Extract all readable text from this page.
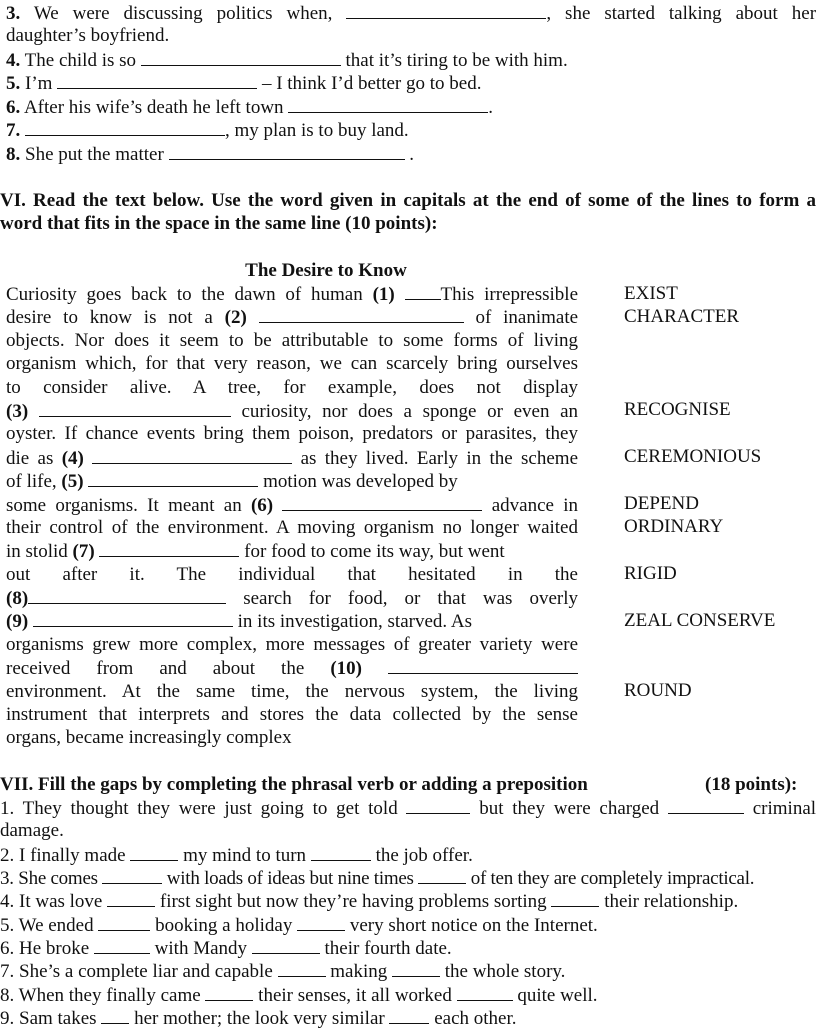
3. We were discussing politics when,	, she started talking about her
daughter’s boyfriend.
4. The child is so	that it’s tiring to be with him.
5. I’m	– I think I’d better go to bed.
6. After his wife’s death he left town	.
7.	, my plan is to buy land.
8. She put the matter	.
VI. Read the text below. Use the word given in capitals at the end of some of the lines to form a
word that fits in the space in the same line (10 points):
The Desire to Know
Curiosity goes back to the dawn of human (1) This irrepressible
desire to know is not a (2)	of inanimate
objects. Nor does it seem to be attributable to some forms of living
organism which, for that very reason, we can scarcely bring ourselves
to consider alive. A tree, for example, does not display
(3)	curiosity, nor does a sponge or even an
oyster. If chance events bring them poison, predators or parasites, they
die as (4)	as they lived. Early in the scheme
of life, (5)	motion was developed by
some organisms. It meant an (6)	advance in
their control of the environment. A moving organism no longer waited
in stolid (7)	for food to come its way, but went
out after it. The individual that hesitated in the
(8)	search for food, or that was overly
(9)	in its investigation, starved. As
organisms grew more complex, more messages of greater variety were
received from and about the (10)
environment. At the same time, the nervous system, the living
instrument that interprets and stores the data collected by the sense
organs, became increasingly complex
EXIST
CHARACTER
RECOGNISE
CEREMONIOUS
DEPEND
ORDINARY
RIGID
ZEAL CONSERVE
ROUND
VII. Fill the gaps by completing the phrasal verb or adding a preposition	(18 points):
1. They thought they were just going to get told	but they were charged	criminal
damage.
2. I finally made	my mind to turn	the job offer.
3. She comes	with loads of ideas but nine times	of ten they are completely impractical.
4. It was love	first sight but now they’re having problems sorting	their relationship.
5. We ended	booking a holiday	very short notice on the Internet.
6. He broke	with Mandy	their fourth date.
7. She’s a complete liar and capable	making	the whole story.
8. When they finally came	their senses, it all worked	quite well.
9. Sam takes her mother; the look very similar	each other.
